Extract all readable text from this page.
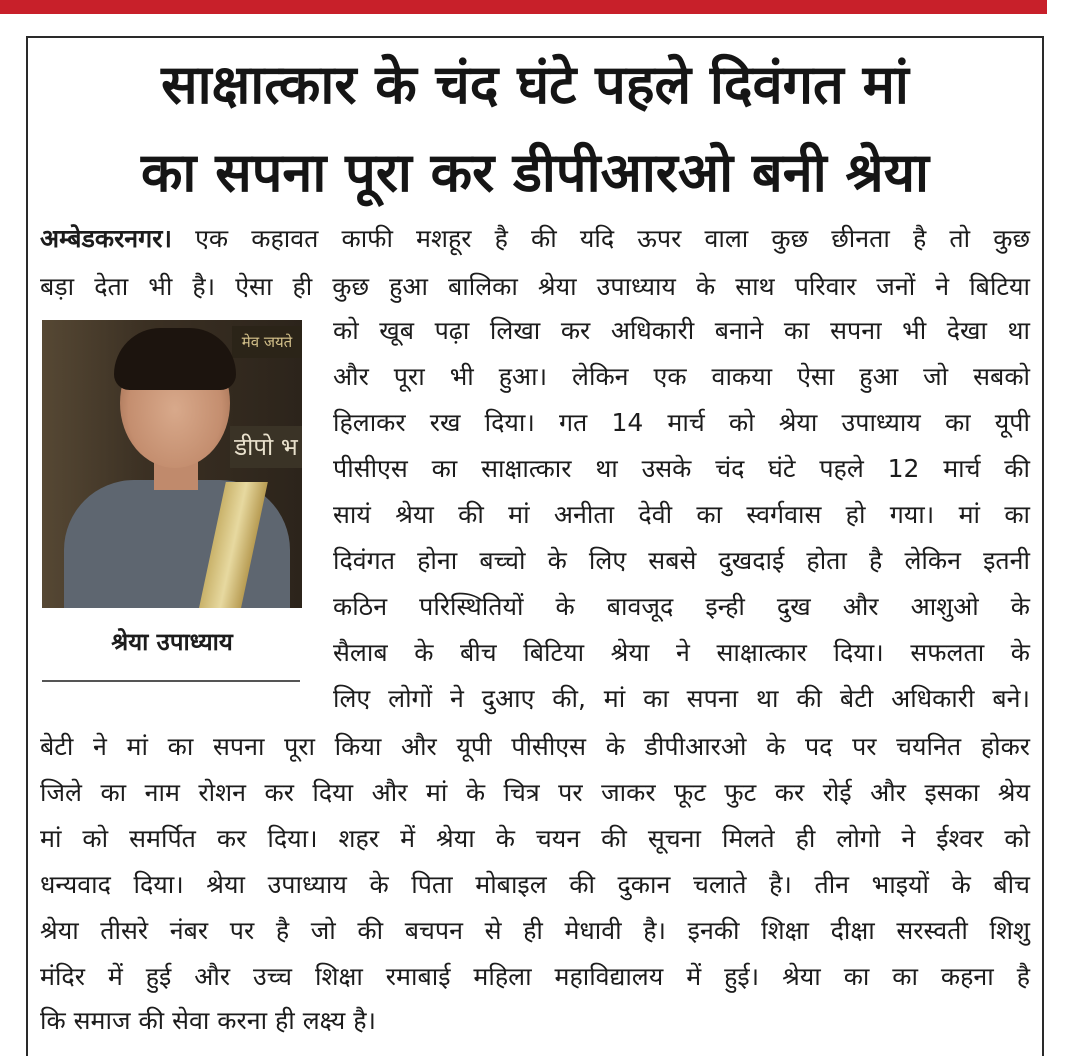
साक्षात्कार के चंद घंटे पहले दिवंगत मां
का सपना पूरा कर डीपीआरओ बनी श्रेया
अम्बेडकरनगर। एक कहावत काफी मशहूर है की यदि ऊपर वाला कुछ छीनता है तो कुछ
बड़ा देता भी है। ऐसा ही कुछ हुआ बालिका श्रेया उपाध्याय के साथ परिवार जनों ने बिटिया
मेव जयते
डीपो भ
श्रेया उपाध्याय
को खूब पढ़ा लिखा कर अधिकारी बनाने का सपना भी देखा था
और पूरा भी हुआ। लेकिन एक वाकया ऐसा हुआ जो सबको
हिलाकर रख दिया। गत 14 मार्च को श्रेया उपाध्याय का यूपी
पीसीएस का साक्षात्कार था उसके चंद घंटे पहले 12 मार्च की
सायं श्रेया की मां अनीता देवी का स्वर्गवास हो गया। मां का
दिवंगत होना बच्चो के लिए सबसे दुखदाई होता है लेकिन इतनी
कठिन परिस्थितियों के बावजूद इन्ही दुख और आशुओ के
सैलाब के बीच बिटिया श्रेया ने साक्षात्कार दिया। सफलता के
लिए लोगों ने दुआए की, मां का सपना था की बेटी अधिकारी बने।
बेटी ने मां का सपना पूरा किया और यूपी पीसीएस के डीपीआरओ के पद पर चयनित होकर
जिले का नाम रोशन कर दिया और मां के चित्र पर जाकर फूट फुट कर रोई और इसका श्रेय
मां को समर्पित कर दिया। शहर में श्रेया के चयन की सूचना मिलते ही लोगो ने ईश्वर को
धन्यवाद दिया। श्रेया उपाध्याय के पिता मोबाइल की दुकान चलाते है। तीन भाइयों के बीच
श्रेया तीसरे नंबर पर है जो की बचपन से ही मेधावी है। इनकी शिक्षा दीक्षा सरस्वती शिशु
मंदिर में हुई और उच्च शिक्षा रमाबाई महिला महाविद्यालय में हुई। श्रेया का का कहना है
कि समाज की सेवा करना ही लक्ष्य है।
